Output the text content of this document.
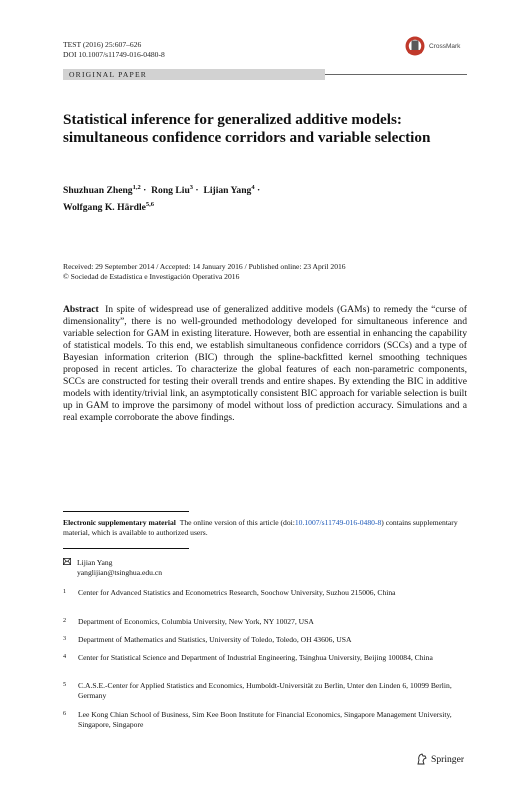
TEST (2016) 25:607–626
DOI 10.1007/s11749-016-0480-8
CrossMark
ORIGINAL PAPER
Statistical inference for generalized additive models: simultaneous confidence corridors and variable selection
Shuzhuan Zheng$^{1,2}$ ·  Rong Liu$^3$ ·  Lijian Yang$^4$ ·
Wolfgang K. Härdle$^{5,6}$
Received: 29 September 2014 / Accepted: 14 January 2016 / Published online: 23 April 2016
© Sociedad de Estadística e Investigación Operativa 2016
Abstract In spite of widespread use of generalized additive models (GAMs) to remedy the “curse of dimensionality”, there is no well-grounded methodology developed for simultaneous inference and variable selection for GAM in existing literature. However, both are essential in enhancing the capability of statistical models. To this end, we establish simultaneous confidence corridors (SCCs) and a type of Bayesian information criterion (BIC) through the spline-backfitted kernel smoothing techniques proposed in recent articles. To characterize the global features of each non-parametric components, SCCs are constructed for testing their overall trends and entire shapes. By extending the BIC in additive models with identity/trivial link, an asymptotically consistent BIC approach for variable selection is built up in GAM to improve the parsimony of model without loss of prediction accuracy. Simulations and a real example corroborate the above findings.
Electronic supplementary material The online version of this article (doi:10.1007/s11749-016-0480-8) contains supplementary material, which is available to authorized users.
Lijian Yang
yanglijian@tsinghua.edu.cn
1	Center for Advanced Statistics and Econometrics Research, Soochow University, Suzhou 215006, China
2	Department of Economics, Columbia University, New York, NY 10027, USA
3	Department of Mathematics and Statistics, University of Toledo, Toledo, OH 43606, USA
4	Center for Statistical Science and Department of Industrial Engineering, Tsinghua University, Beijing 100084, China
5	C.A.S.E.-Center for Applied Statistics and Economics, Humboldt-Universität zu Berlin, Unter den Linden 6, 10099 Berlin, Germany
6	Lee Kong Chian School of Business, Sim Kee Boon Institute for Financial Economics, Singapore Management University, Singapore, Singapore
Springer
